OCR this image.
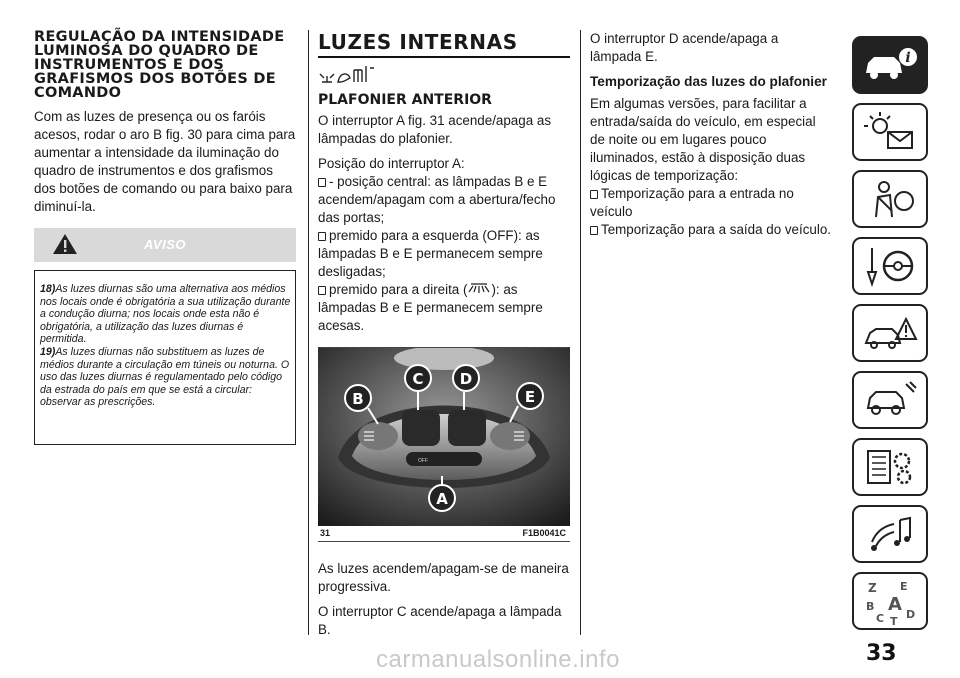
REGULAÇÃO DA INTENSIDADE LUMINOSA DO QUADRO DE INSTRUMENTOS E DOS GRAFISMOS DOS BOTÕES DE COMANDO

Com as luzes de presença ou os faróis acesos, rodar o aro B fig. 30 para cima para aumentar a intensidade da iluminação do quadro de instrumentos e dos grafismos dos botões de comando ou para baixo para diminuí-la.

AVISO

18)As luzes diurnas são uma alternativa aos médios nos locais onde é obrigatória a sua utilização durante a condução diurna; nos locais onde esta não é obrigatória, a utilização das luzes diurnas é permitida.

19)As luzes diurnas não substituem as luzes de médios durante a circulação em túneis ou noturna. O uso das luzes diurnas é regulamentado pelo código da estrada do país em que se está a circular: observar as prescrições.

LUZES INTERNAS
PLAFONIER ANTERIOR

O interruptor A fig. 31 acende/apaga as lâmpadas do plafonier.

Posição do interruptor A:

- posição central: as lâmpadas B e E acendem/apagam com a abertura/fecho das portas;

premido para a esquerda (OFF): as lâmpadas B e E permanecem sempre desligadas;

premido para a direita ( ): as lâmpadas B e E permanecem sempre acesas.

OFF
B
C D
E
A
31	F1B0041C

As luzes acendem/apagam-se de maneira progressiva.

O interruptor C acende/apaga a lâmpada B.

O interruptor D acende/apaga a lâmpada E.

Temporização das luzes do plafonier

Em algumas versões, para facilitar a entrada/saída do veículo, em especial de noite ou em lugares pouco iluminados, estão à disposição duas lógicas de temporização:

Temporização para a entrada no veículo

Temporização para a saída do veículo.

i
Z E
B A
C T
D
33
carmanualsonline.info
